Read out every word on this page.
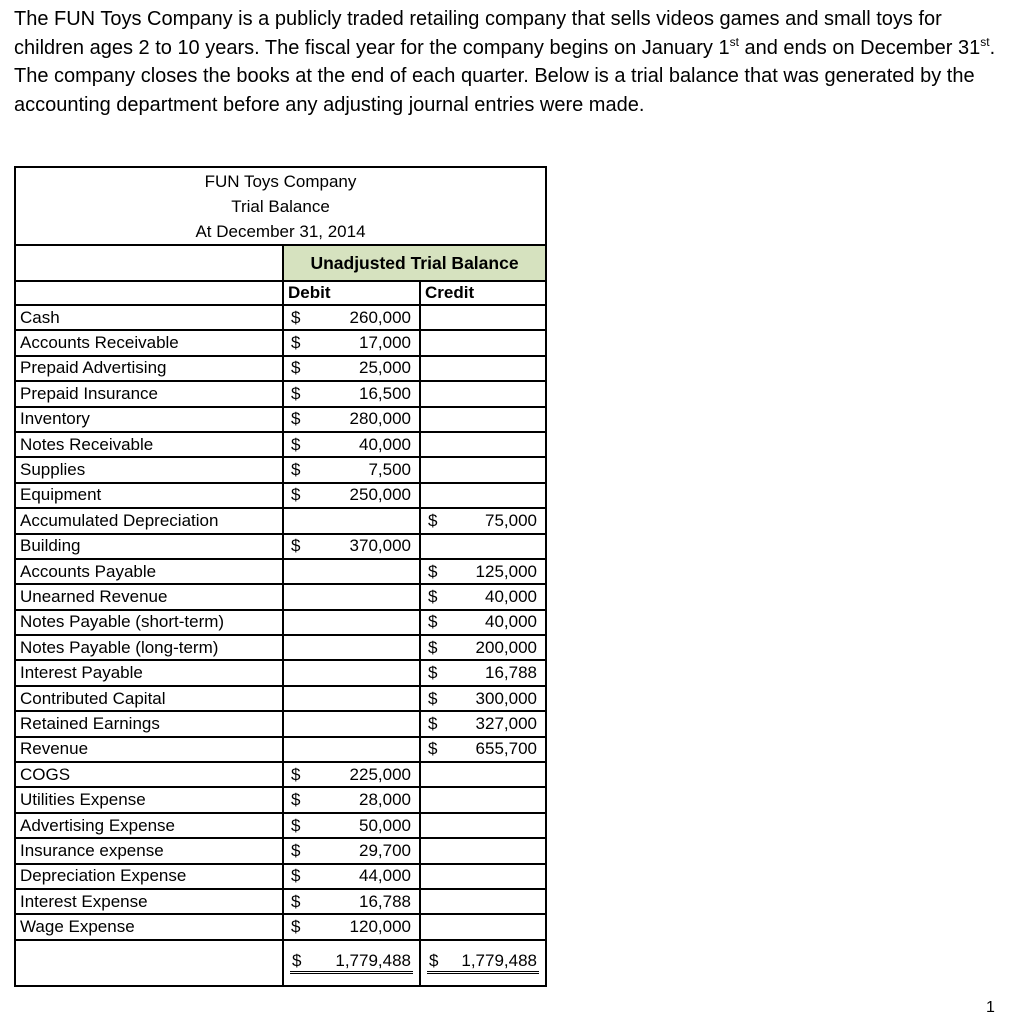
The FUN Toys Company is a publicly traded retailing company that sells videos games and small toys for children ages 2 to 10 years. The fiscal year for the company begins on January 1st and ends on December 31st. The company closes the books at the end of each quarter. Below is a trial balance that was generated by the accounting department before any adjusting journal entries were made.

FUN Toys Company
Trial Balance
At December 31, 2014		

	Unadjusted Trial Balance	
	Debit	Credit
Cash	$ 260,000	

Accounts Receivable	$ 17,000	

Prepaid Advertising	$ 25,000	

Prepaid Insurance	$ 16,500	

Inventory	$ 280,000	

Notes Receivable	$ 40,000	

Supplies	$ 7,500	

Equipment	$ 250,000	

Accumulated Depreciation		$ 75,000

Building	$ 370,000	

Accounts Payable		$ 125,000

Unearned Revenue		$ 40,000

Notes Payable (short-term)		$ 40,000

Notes Payable (long-term)		$ 200,000

Interest Payable		$ 16,788

Contributed Capital		$ 300,000

Retained Earnings		$ 327,000

Revenue		$ 655,700

COGS	$ 225,000	

Utilities Expense	$ 28,000	

Advertising Expense	$ 50,000	

Insurance expense	$ 29,700	

Depreciation Expense	$ 44,000	

Interest Expense	$ 16,788	

Wage Expense	$ 120,000	

	$ 1,779,488	$ 1,779,488
1
